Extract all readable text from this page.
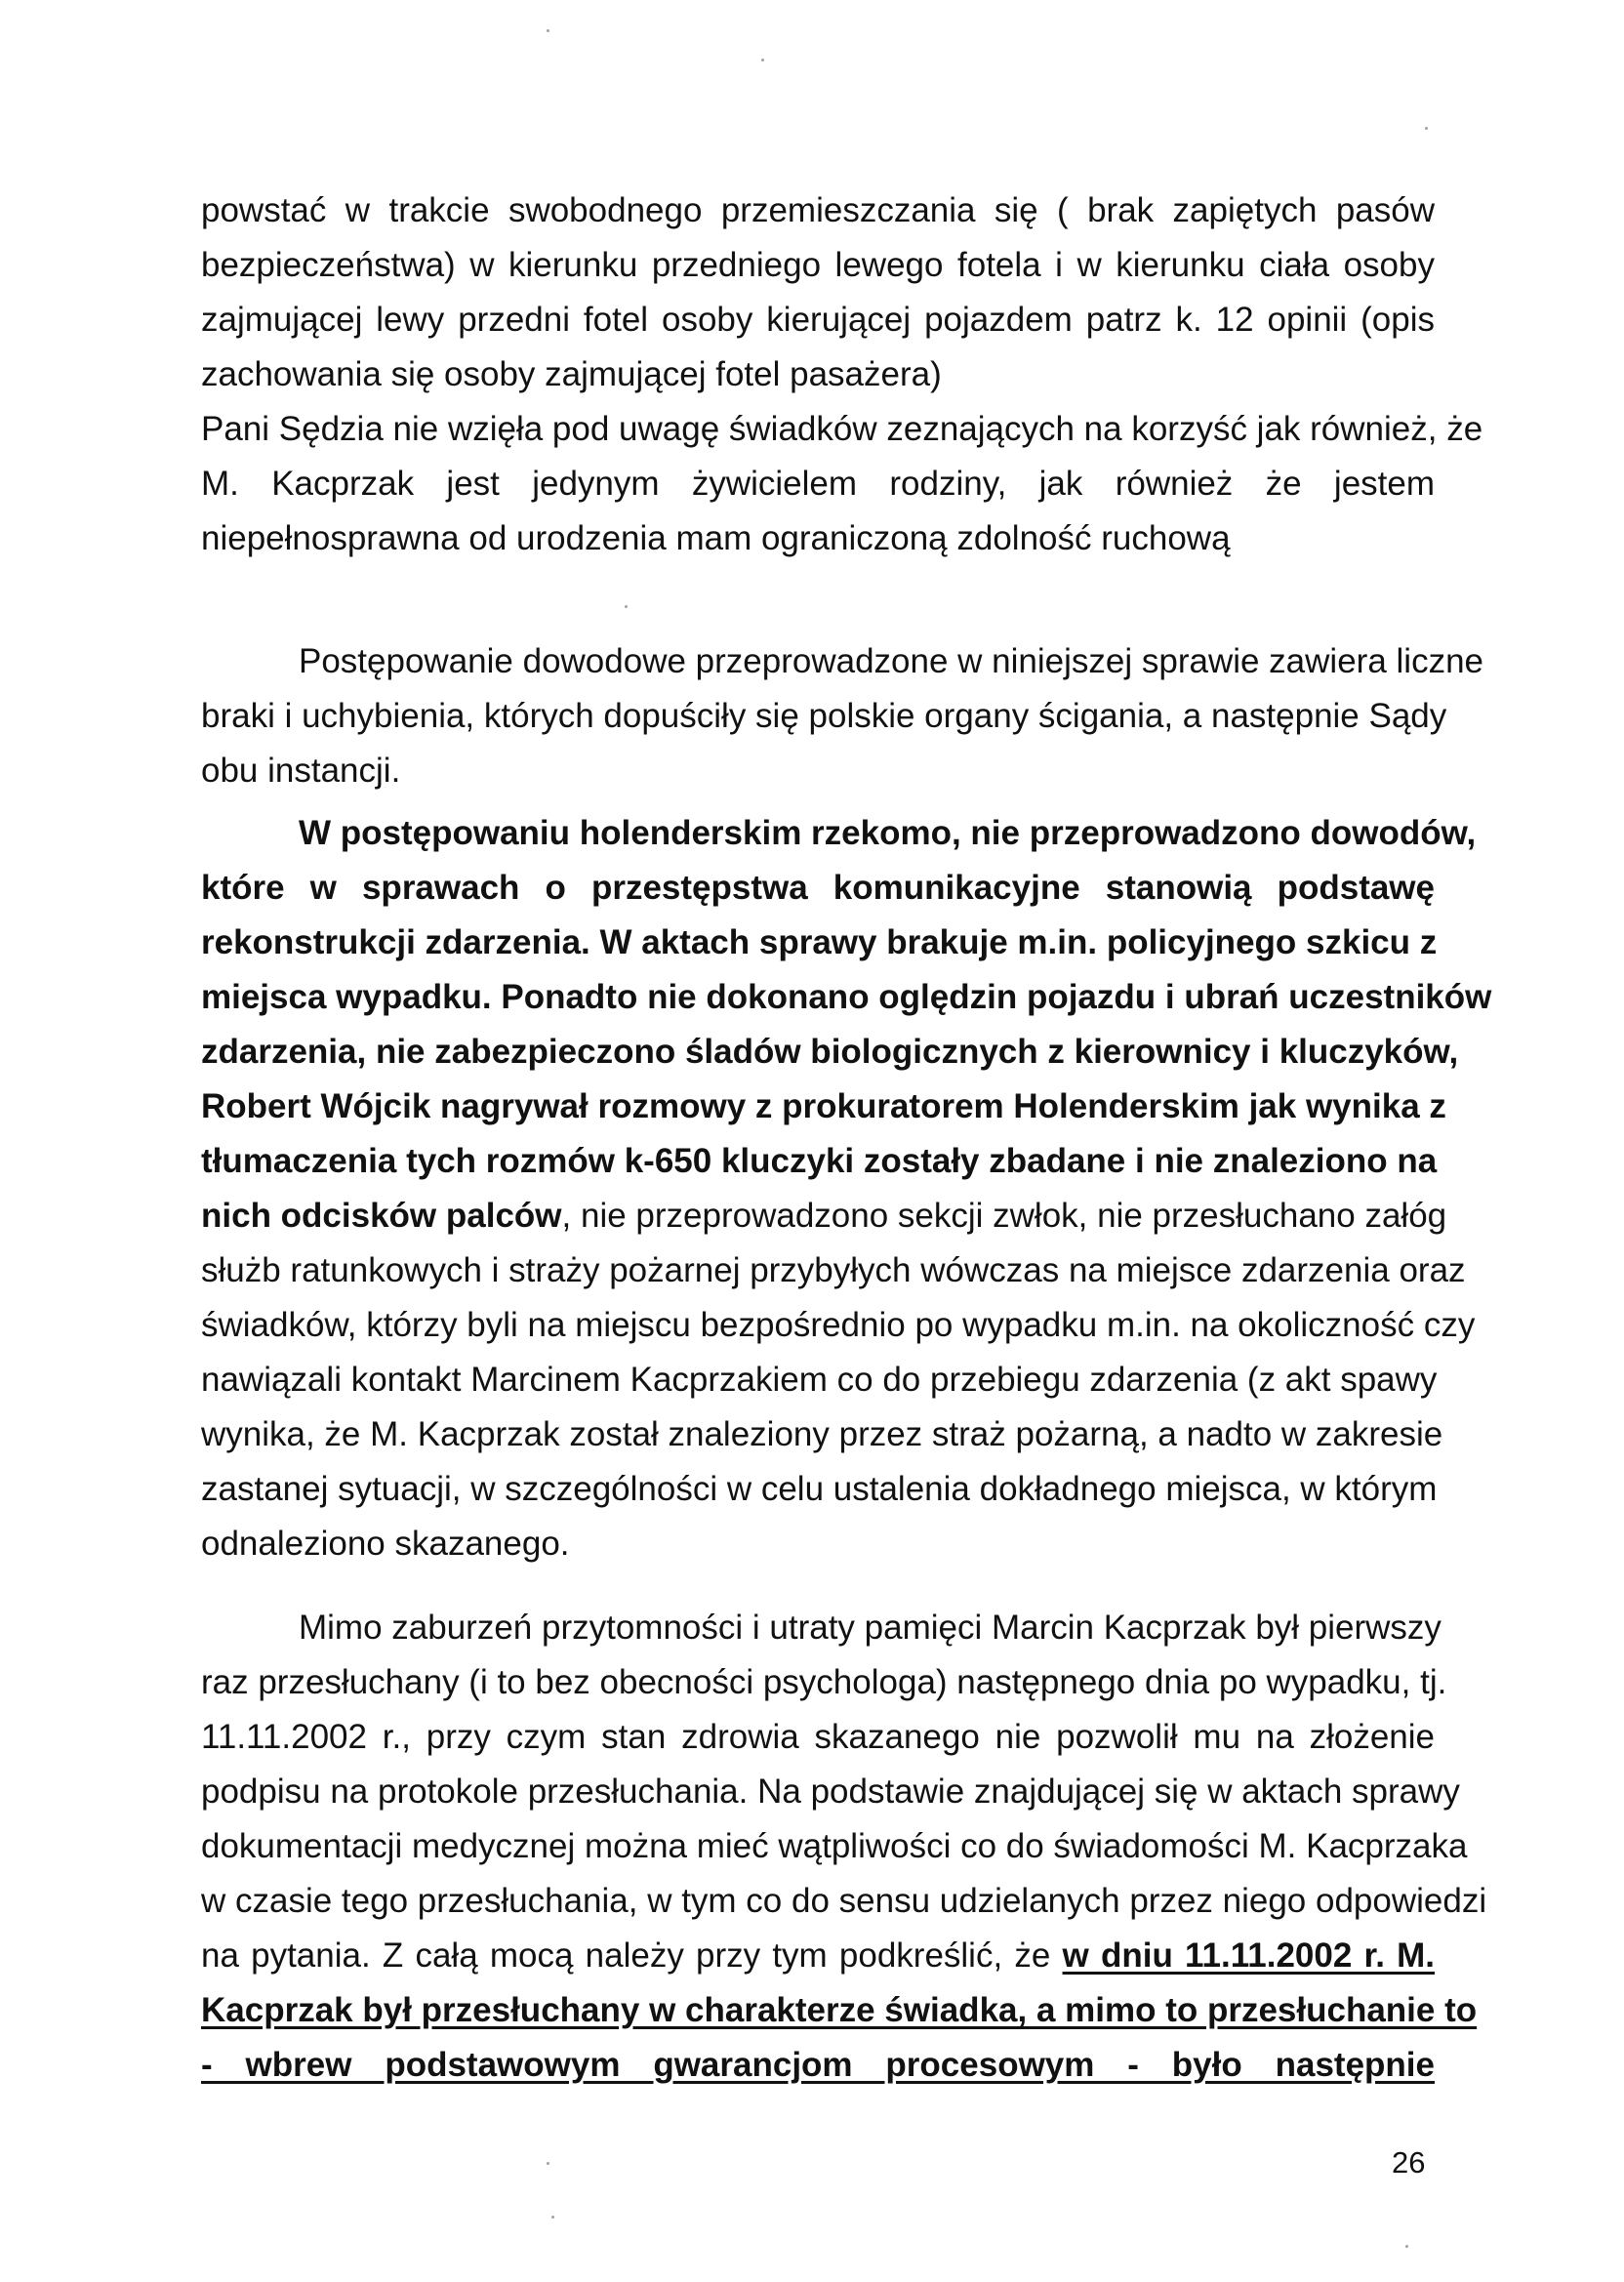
powstać w trakcie swobodnego przemieszczania się ( brak zapiętych pasów
bezpieczeństwa) w kierunku przedniego lewego fotela i w kierunku ciała osoby
zajmującej lewy przedni fotel osoby kierującej pojazdem patrz k. 12 opinii (opis
zachowania się osoby zajmującej fotel pasażera)
Pani Sędzia nie wzięła pod uwagę świadków zeznających na korzyść jak również, że
M. Kacprzak jest jedynym żywicielem rodziny, jak również że jestem
niepełnosprawna od urodzenia mam ograniczoną zdolność ruchową
Postępowanie dowodowe przeprowadzone w niniejszej sprawie zawiera liczne
braki i uchybienia, których dopuściły się polskie organy ścigania, a następnie Sądy
obu instancji.
W postępowaniu holenderskim rzekomo, nie przeprowadzono dowodów,
które w sprawach o przestępstwa komunikacyjne stanowią podstawę
rekonstrukcji zdarzenia. W aktach sprawy brakuje m.in. policyjnego szkicu z
miejsca wypadku. Ponadto nie dokonano oględzin pojazdu i ubrań uczestników
zdarzenia, nie zabezpieczono śladów biologicznych z kierownicy i kluczyków,
Robert Wójcik nagrywał rozmowy z prokuratorem Holenderskim jak wynika z
tłumaczenia tych rozmów k-650 kluczyki zostały zbadane i nie znaleziono na
nich odcisków palców, nie przeprowadzono sekcji zwłok, nie przesłuchano załóg
służb ratunkowych i straży pożarnej przybyłych wówczas na miejsce zdarzenia oraz
świadków, którzy byli na miejscu bezpośrednio po wypadku m.in. na okoliczność czy
nawiązali kontakt Marcinem Kacprzakiem co do przebiegu zdarzenia (z akt spawy
wynika, że M. Kacprzak został znaleziony przez straż pożarną, a nadto w zakresie
zastanej sytuacji, w szczególności w celu ustalenia dokładnego miejsca, w którym
odnaleziono skazanego.
Mimo zaburzeń przytomności i utraty pamięci Marcin Kacprzak był pierwszy
raz przesłuchany (i to bez obecności psychologa) następnego dnia po wypadku, tj.
11.11.2002 r., przy czym stan zdrowia skazanego nie pozwolił mu na złożenie
podpisu na protokole przesłuchania. Na podstawie znajdującej się w aktach sprawy
dokumentacji medycznej można mieć wątpliwości co do świadomości M. Kacprzaka
w czasie tego przesłuchania, w tym co do sensu udzielanych przez niego odpowiedzi
na pytania. Z całą mocą należy przy tym podkreślić, że w dniu 11.11.2002 r. M.
Kacprzak był przesłuchany w charakterze świadka, a mimo to przesłuchanie to
- wbrew podstawowym gwarancjom procesowym - było następnie
26
